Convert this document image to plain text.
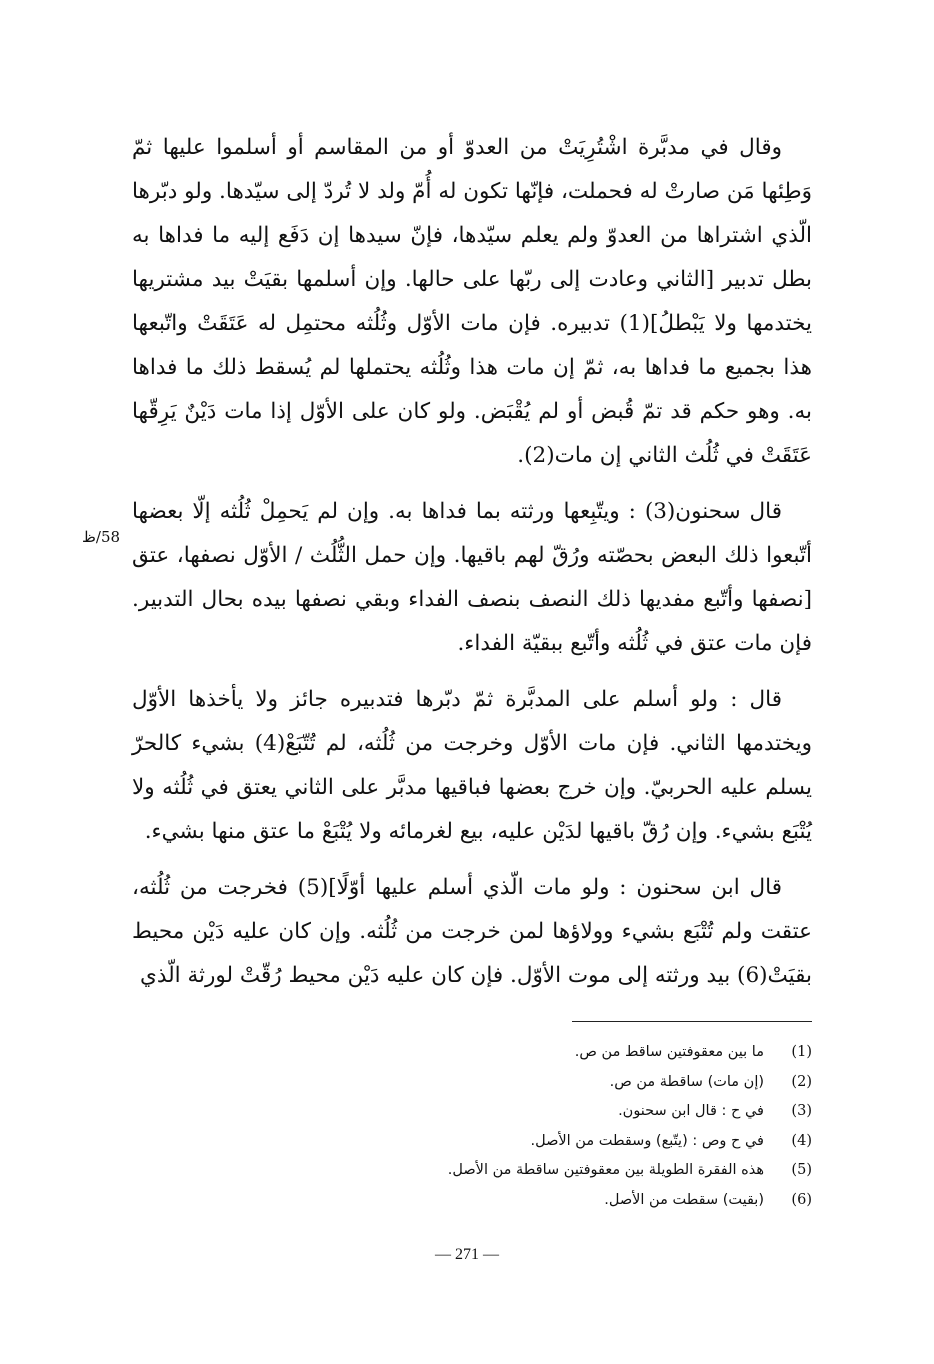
وقال في مدبَّرة اشْتُرِيَتْ من العدوّ أو من المقاسم أو أسلموا عليها ثمّ وَطِئها مَن صارتْ له فحملت، فإنّها تكون له أُمّ ولد لا تُردّ إلى سيّدها. ولو دبّرها الّذي اشتراها من العدوّ ولم يعلم سيّدها، فإنّ سيدها إن دَفَع إليه ما فداها به بطل تدبير [الثاني وعادت إلى ربّها على حالها. وإن أسلمها بقيَتْ بيد مشتريها يختدمها ولا يَبْطلُ](1) تدبيره. فإن مات الأوّل وثُلُثه محتمِل له عَتَقَتْ واتّبعها هذا بجميع ما فداها به، ثمّ إن مات هذا وثُلُثه يحتملها لم يُسقط ذلك ما فداها به. وهو حكم قد تمّ قُبض أو لم يُقْبَض. ولو كان على الأوّل إذا مات دَيْنٌ يَرِقّها عَتَقَتْ في ثُلُث الثاني إن مات(2).

قال سحنون(3) : ويتّبِعها ورثته بما فداها به. وإن لم يَحمِلْ ثُلُثه إلّا بعضها أتّبعوا ذلك البعض بحصّته ورُقّ لهم باقيها. وإن حمل الثُّلُث / الأوّل نصفها، عتق [نصفها وأتّبع مفديها ذلك النصف بنصف الفداء وبقي نصفها بيده بحال التدبير. فإن مات عتق في ثُلُثه وأتّبع ببقيّة الفداء.

قال : ولو أسلم على المدبَّرة ثمّ دبّرها فتدبيره جائز ولا يأخذها الأوّل ويختدمها الثاني. فإن مات الأوّل وخرجت من ثُلُثه، لم تُتّبَعْ(4) بشيء كالحرّ يسلم عليه الحربيّ. وإن خرج بعضها فباقيها مدبَّر على الثاني يعتق في ثُلُثه ولا يُتْبَع بشيء. وإن رُقّ باقيها لدَيْن عليه، بيع لغرمائه ولا يُتْبَعْ ما عتق منها بشيء.

قال ابن سحنون : ولو مات الّذي أسلم عليها أوّلًا](5) فخرجت من ثُلُثه، عتقت ولم تُتْبَع بشيء وولاؤها لمن خرجت من ثُلُثه. وإن كان عليه دَيْن محيط بقيَتْ(6) بيد ورثته إلى موت الأوّل. فإن كان عليه دَيْن محيط رُقّتْ لورثة الّذي

58/ظ
(1)
ما بين معقوفتين ساقط من ص.
(2)
(إن مات) ساقطة من ص.
(3)
في ح : قال ابن سحنون.
(4)
في ح وص : (يتّبع) وسقطت من الأصل.
(5)
هذه الفقرة الطويلة بين معقوفتين ساقطة من الأصل.
(6)
(بقيت) سقطت من الأصل.
— 271 —
